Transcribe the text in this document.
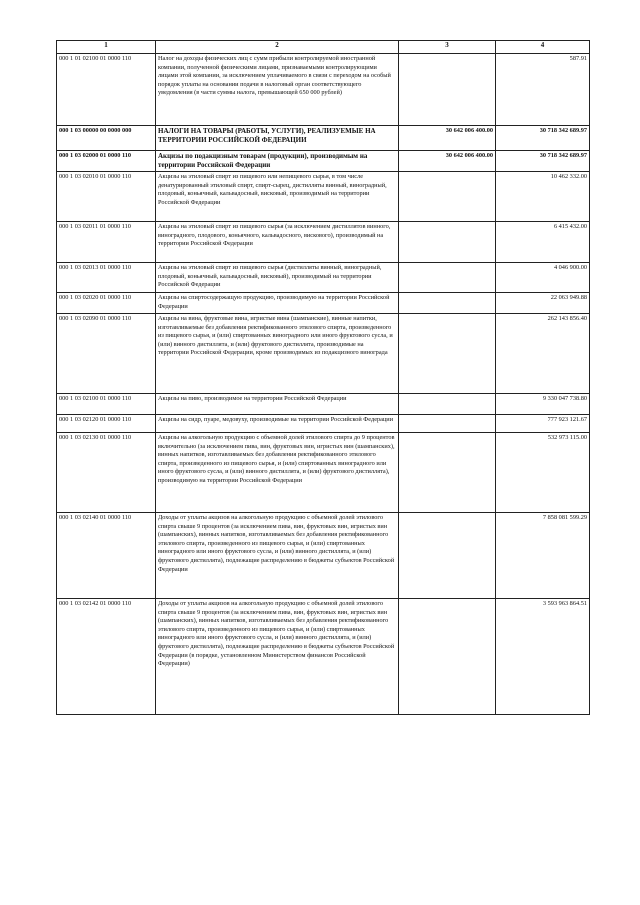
1	2	3	4
000 1 01 02100 01 0000 110	Налог на доходы физических лиц с сумм прибыли контролируемой иностранной компании, полученной физическими лицами, признаваемыми контролирующими лицами этой компании, за исключением уплачиваемого в связи с переходом на особый порядок уплаты на основании подачи в налоговый орган соответствующего уведомления (в части суммы налога, превышающей 650 000 рублей)		587.91
000 1 03 00000 00 0000 000	НАЛОГИ НА ТОВАРЫ (РАБОТЫ, УСЛУГИ), РЕАЛИЗУЕМЫЕ НА ТЕРРИТОРИИ РОССИЙСКОЙ ФЕДЕРАЦИИ	30 642 006 400.00	30 718 342 689.97
000 1 03 02000 01 0000 110	Акцизы по подакцизным товарам (продукции), производимым на территории Российской Федерации	30 642 006 400.00	30 718 342 689.97
000 1 03 02010 01 0000 110	Акцизы на этиловый спирт из пищевого или непищевого сырья, в том числе денатурированный этиловый спирт, спирт-сырец, дистилляты винный, виноградный, плодовый, коньячный, кальвадосный, висковый, производимый на территории Российской Федерации		10 462 332.00
000 1 03 02011 01 0000 110	Акцизы на этиловый спирт из пищевого сырья (за исключением дистиллятов винного, виноградного, плодового, коньячного, кальвадосного, вискового), производимый на территории Российской Федерации		6 415 432.00
000 1 03 02013 01 0000 110	Акцизы на этиловый спирт из пищевого сырья (дистилляты винный, виноградный, плодовый, коньячный, кальвадосный, висковый), производимый на территории Российской Федерации		4 046 900.00
000 1 03 02020 01 0000 110	Акцизы на спиртосодержащую продукцию, производимую на территории Российской Федерации		22 063 949.88
000 1 03 02090 01 0000 110	Акцизы на вина, фруктовые вина, игристые вина (шампанские), винные напитки, изготавливаемые без добавления ректификованного этилового спирта, произведенного из пищевого сырья, и (или) спиртованных виноградного или иного фруктового сусла, и (или) винного дистиллята, и (или) фруктового дистиллята, производимые на территории Российской Федерации, кроме производимых из подакцизного винограда		262 143 856.40
000 1 03 02100 01 0000 110	Акцизы на пиво, производимое на территории Российской Федерации		9 330 047 738.80
000 1 03 02120 01 0000 110	Акцизы на сидр, пуаре, медовуху, производимые на территории Российской Федерации		777 923 121.67
000 1 03 02130 01 0000 110	Акцизы на алкогольную продукцию с объемной долей этилового спирта до 9 процентов включительно (за исключением пива, вин, фруктовых вин, игристых вин (шампанских), винных напитков, изготавливаемых без добавления ректификованного этилового спирта, произведенного из пищевого сырья, и (или) спиртованных виноградного или иного фруктового сусла, и (или) винного дистиллята, и (или) фруктового дистиллята), производимую на территории Российской Федерации		532 973 115.00
000 1 03 02140 01 0000 110	Доходы от уплаты акцизов на алкогольную продукцию с объемной долей этилового спирта свыше 9 процентов (за исключением пива, вин, фруктовых вин, игристых вин (шампанских), винных напитков, изготавливаемых без добавления ректификованного этилового спирта, произведенного из пищевого сырья, и (или) спиртованных виноградного или иного фруктового сусла, и (или) винного дистиллята, и (или) фруктового дистиллята), подлежащие распределению в бюджеты субъектов Российской Федерации		7 858 081 599.29
000 1 03 02142 01 0000 110	Доходы от уплаты акцизов на алкогольную продукцию с объемной долей этилового спирта свыше 9 процентов (за исключением пива, вин, фруктовых вин, игристых вин (шампанских), винных напитков, изготавливаемых без добавления ректификованного этилового спирта, произведенного из пищевого сырья, и (или) спиртованных виноградного или иного фруктового сусла, и (или) винного дистиллята, и (или) фруктового дистиллята), подлежащие распределению в бюджеты субъектов Российской Федерации (в порядке, установленном Министерством финансов Российской Федерации)		3 593 963 864.51
